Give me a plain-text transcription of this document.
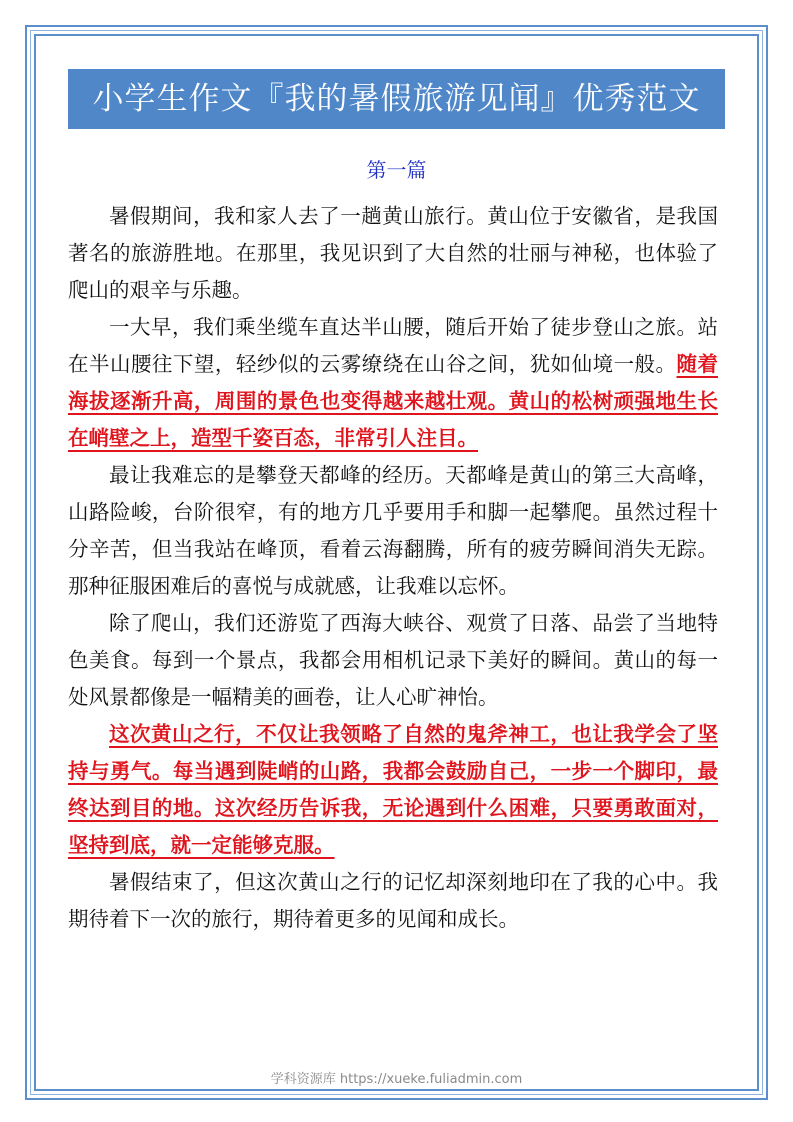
小学生作文『我的暑假旅游见闻』优秀范文
第一篇

暑假期间，我和家人去了一趟黄山旅行。黄山位于安徽省，是我国著名的旅游胜地。在那里，我见识到了大自然的壮丽与神秘，也体验了爬山的艰辛与乐趣。

一大早，我们乘坐缆车直达半山腰，随后开始了徒步登山之旅。站在半山腰往下望，轻纱似的云雾缭绕在山谷之间，犹如仙境一般。随着海拔逐渐升高，周围的景色也变得越来越壮观。黄山的松树顽强地生长在峭壁之上，造型千姿百态，非常引人注目。

最让我难忘的是攀登天都峰的经历。天都峰是黄山的第三大高峰，山路险峻，台阶很窄，有的地方几乎要用手和脚一起攀爬。虽然过程十分辛苦，但当我站在峰顶，看着云海翻腾，所有的疲劳瞬间消失无踪。那种征服困难后的喜悦与成就感，让我难以忘怀。

除了爬山，我们还游览了西海大峡谷、观赏了日落、品尝了当地特色美食。每到一个景点，我都会用相机记录下美好的瞬间。黄山的每一处风景都像是一幅精美的画卷，让人心旷神怡。

这次黄山之行，不仅让我领略了自然的鬼斧神工，也让我学会了坚持与勇气。每当遇到陡峭的山路，我都会鼓励自己，一步一个脚印，最终达到目的地。这次经历告诉我，无论遇到什么困难，只要勇敢面对，坚持到底，就一定能够克服。

暑假结束了，但这次黄山之行的记忆却深刻地印在了我的心中。我期待着下一次的旅行，期待着更多的见闻和成长。

学科资源库 https://xueke.fuliadmin.com
